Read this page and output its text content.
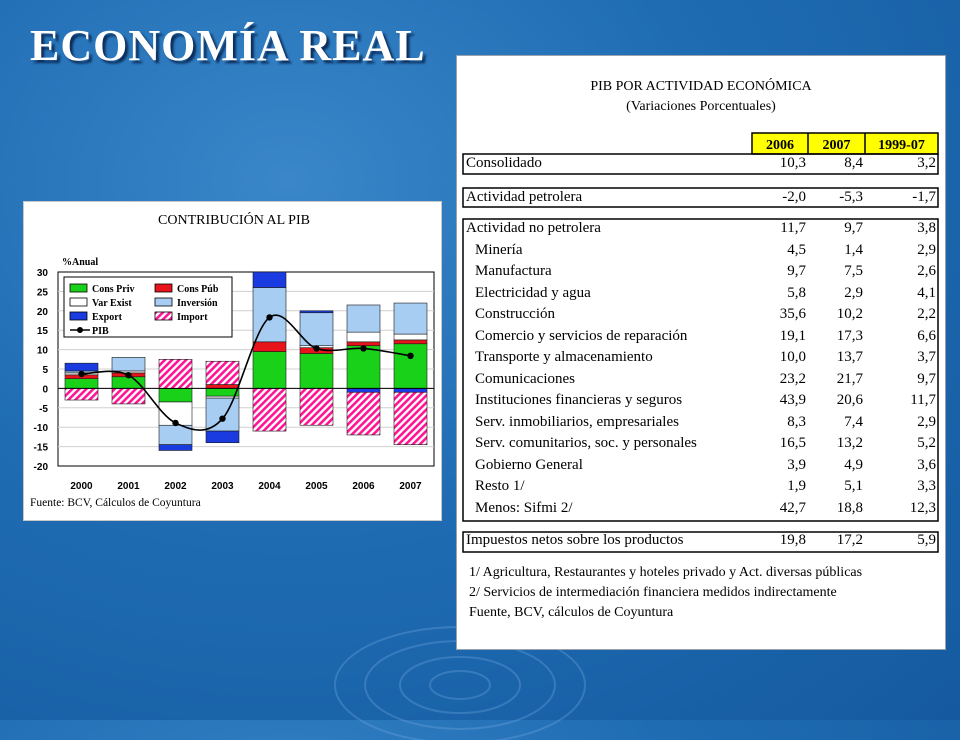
ECONOMÍA REAL
CONTRIBUCIÓN AL PIB
%Anual
30
25
20
15
10
5
0
-5
-10
-15
-20
2000 2001 2002 2003 2004 2005 2006 2007
Cons Priv	Cons Púb
Var Exist	Inversión
Export	Import
PIB
Fuente: BCV, Cálculos de Coyuntura
PIB POR ACTIVIDAD ECONÓMICA
(Variaciones Porcentuales)
2006	2007	1999-07
Consolidado	10,3	8,4	3,2
Actividad petrolera	-2,0	-5,3	-1,7
Actividad no petrolera	11,7	9,7	3,8
Minería	4,5	1,4	2,9
Manufactura	9,7	7,5	2,6
Electricidad y agua	5,8	2,9	4,1
Construcción	35,6	10,2	2,2
Comercio y servicios de reparación	19,1	17,3	6,6
Transporte y almacenamiento	10,0	13,7	3,7
Comunicaciones	23,2	21,7	9,7
Instituciones financieras y seguros	43,9	20,6	11,7
Serv. inmobiliarios, empresariales	8,3	7,4	2,9
Serv. comunitarios, soc. y personales	16,5	13,2	5,2
Gobierno General	3,9	4,9	3,6
Resto 1/	1,9	5,1	3,3
Menos: Sifmi 2/	42,7	18,8	12,3
Impuestos netos sobre los productos	19,8	17,2	5,9
1/ Agricultura, Restaurantes y hoteles privado y Act. diversas públicas
2/ Servicios de intermediación financiera medidos indirectamente
Fuente, BCV, cálculos de Coyuntura
